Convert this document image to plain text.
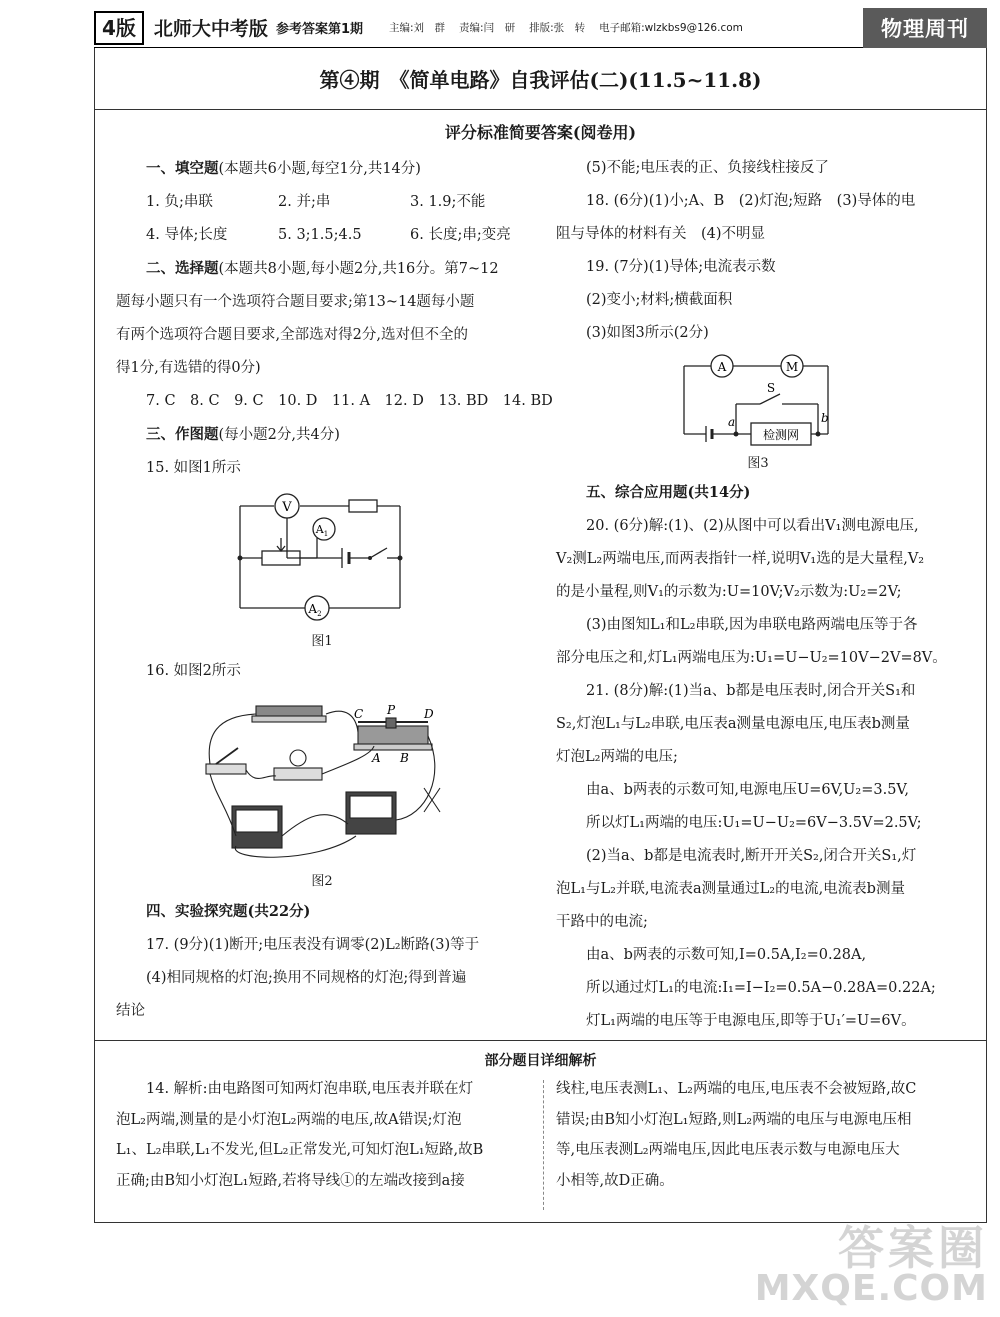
4版 北师大中考版 参考答案第1期 主编:刘　群 责编:闫　研 排版:张　转 电子邮箱:wlzkbs9@126.com	物理周刊
第④期　《简单电路》自我评估(二)(11.5~11.8)
评分标准简要答案(阅卷用)

一、填空题(本题共6小题,每空1分,共14分)

1. 负;串联	2. 并;串	3. 1.9;不能

4. 导体;长度	5. 3;1.5;4.5	6. 长度;串;变亮

二、选择题(本题共8小题,每小题2分,共16分。第7~12

题每小题只有一个选项符合题目要求;第13~14题每小题

有两个选项符合题目要求,全部选对得2分,选对但不全的

得1分,有选错的得0分)

7. C　8. C　9. C　10. D　11. A　12. D　13. BD　14. BD

三、作图题(每小题2分,共4分)

15. 如图1所示

V
$A_1$
$A_2$
图1

16. 如图2所示

C P D
A B
图2

四、实验探究题(共22分)

17. (9分)(1)断开;电压表没有调零(2)L₂断路(3)等于

(4)相同规格的灯泡;换用不同规格的灯泡;得到普遍

结论

(5)不能;电压表的正、负接线柱接反了

18. (6分)(1)小;A、B　(2)灯泡;短路　(3)导体的电

阻与导体的材料有关　(4)不明显

19. (7分)(1)导体;电流表示数

(2)变小;材料;横截面积

(3)如图3所示(2分)

A	M
S
a	b
检测网
图3

五、综合应用题(共14分)

20. (6分)解:(1)、(2)从图中可以看出V₁测电源电压,

V₂测L₂两端电压,而两表指针一样,说明V₁选的是大量程,V₂

的是小量程,则V₁的示数为:U=10V;V₂示数为:U₂=2V;

(3)由图知L₁和L₂串联,因为串联电路两端电压等于各

部分电压之和,灯L₁两端电压为:U₁=U−U₂=10V−2V=8V。

21. (8分)解:(1)当a、b都是电压表时,闭合开关S₁和

S₂,灯泡L₁与L₂串联,电压表a测量电源电压,电压表b测量

灯泡L₂两端的电压;

由a、b两表的示数可知,电源电压U=6V,U₂=3.5V,

所以灯L₁两端的电压:U₁=U−U₂=6V−3.5V=2.5V;

(2)当a、b都是电流表时,断开开关S₂,闭合开关S₁,灯

泡L₁与L₂并联,电流表a测量通过L₂的电流,电流表b测量

干路中的电流;

由a、b两表的示数可知,I=0.5A,I₂=0.28A,

所以通过灯L₁的电流:I₁=I−I₂=0.5A−0.28A=0.22A;

灯L₁两端的电压等于电源电压,即等于U₁′=U=6V。

部分题目详细解析

14. 解析:由电路图可知两灯泡串联,电压表并联在灯

泡L₂两端,测量的是小灯泡L₂两端的电压,故A错误;灯泡

L₁、L₂串联,L₁不发光,但L₂正常发光,可知灯泡L₁短路,故B

正确;由B知小灯泡L₁短路,若将导线①的左端改接到a接

线柱,电压表测L₁、L₂两端的电压,电压表不会被短路,故C

错误;由B知小灯泡L₁短路,则L₂两端的电压与电源电压相

等,电压表测L₂两端电压,因此电压表示数与电源电压大

小相等,故D正确。

答案圈
MXQE.COM
